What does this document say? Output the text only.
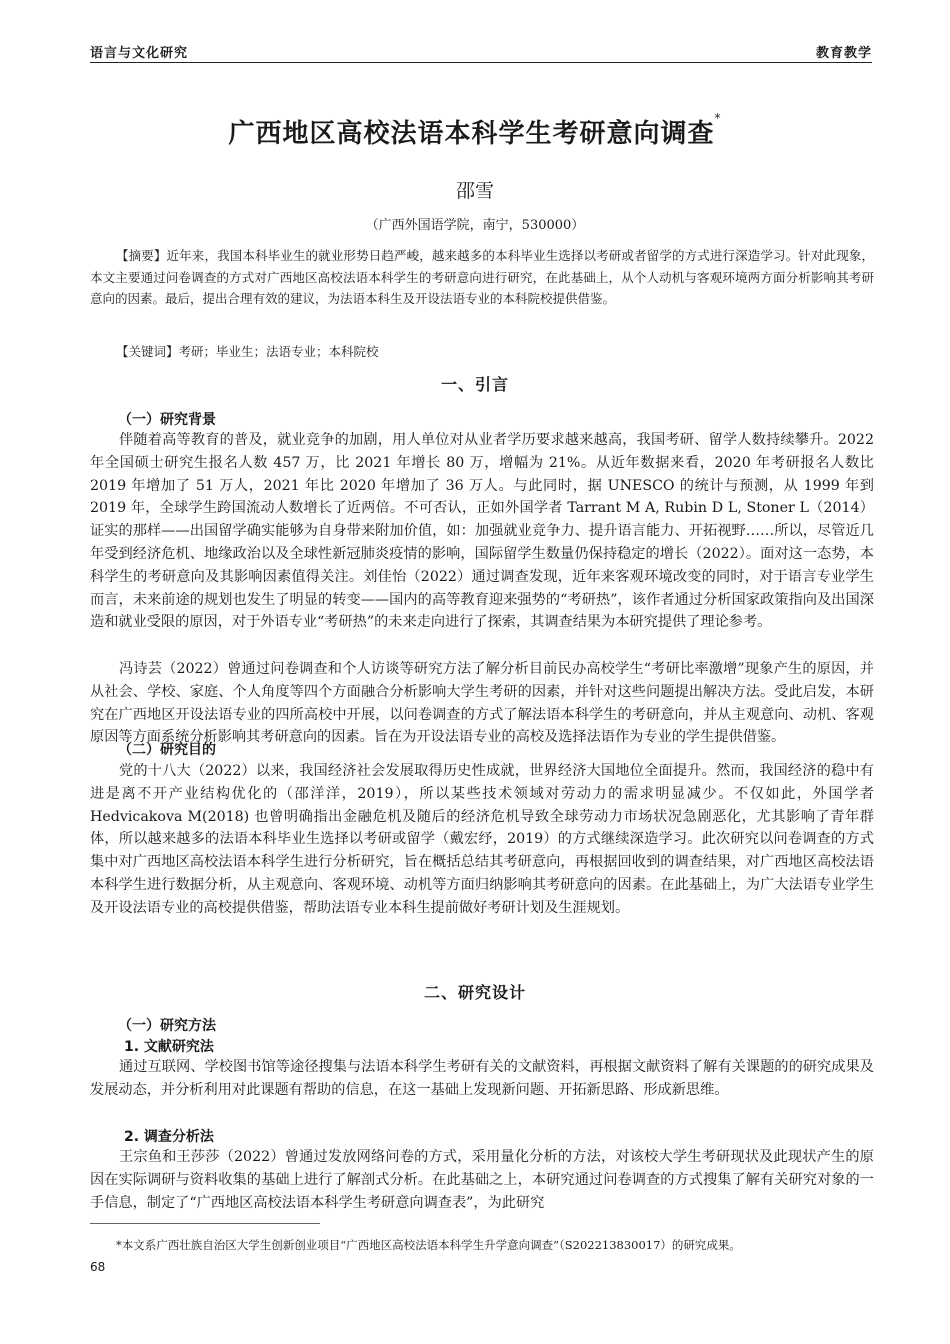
语言与文化研究	教育教学
广西地区高校法语本科学生考研意向调查*
邵雪
（广西外国语学院，南宁，530000）
【摘要】近年来，我国本科毕业生的就业形势日趋严峻，越来越多的本科毕业生选择以考研或者留学的方式进行深造学习。针对此现象，本文主要通过问卷调查的方式对广西地区高校法语本科学生的考研意向进行研究，在此基础上，从个人动机与客观环境两方面分析影响其考研意向的因素。最后，提出合理有效的建议，为法语本科生及开设法语专业的本科院校提供借鉴。
【关键词】考研；毕业生；法语专业；本科院校
一、引言
（一）研究背景

伴随着高等教育的普及，就业竞争的加剧，用人单位对从业者学历要求越来越高，我国考研、留学人数持续攀升。2022 年全国硕士研究生报名人数 457 万，比 2021 年增长 80 万，增幅为 21%。从近年数据来看，2020 年考研报名人数比 2019 年增加了 51 万人，2021 年比 2020 年增加了 36 万人。与此同时，据 UNESCO 的统计与预测，从 1999 年到 2019 年，全球学生跨国流动人数增长了近两倍。不可否认，正如外国学者 Tarrant M A, Rubin D L, Stoner L（2014）证实的那样——出国留学确实能够为自身带来附加价值，如：加强就业竞争力、提升语言能力、开拓视野……所以，尽管近几年受到经济危机、地缘政治以及全球性新冠肺炎疫情的影响，国际留学生数量仍保持稳定的增长（2022）。面对这一态势，本科学生的考研意向及其影响因素值得关注。刘佳怡（2022）通过调查发现，近年来客观环境改变的同时，对于语言专业学生而言，未来前途的规划也发生了明显的转变——国内的高等教育迎来强势的“考研热”，该作者通过分析国家政策指向及出国深造和就业受限的原因，对于外语专业“考研热”的未来走向进行了探索，其调查结果为本研究提供了理论参考。

冯诗芸（2022）曾通过问卷调查和个人访谈等研究方法了解分析目前民办高校学生“考研比率激增”现象产生的原因，并从社会、学校、家庭、个人角度等四个方面融合分析影响大学生考研的因素，并针对这些问题提出解决方法。受此启发，本研究在广西地区开设法语专业的四所高校中开展，以问卷调查的方式了解法语本科学生的考研意向，并从主观意向、动机、客观原因等方面系统分析影响其考研意向的因素。旨在为开设法语专业的高校及选择法语作为专业的学生提供借鉴。

（二）研究目的

党的十八大（2022）以来，我国经济社会发展取得历史性成就，世界经济大国地位全面提升。然而，我国经济的稳中有进是离不开产业结构优化的（邵洋洋，2019），所以某些技术领域对劳动力的需求明显减少。不仅如此，外国学者 Hedvicakova M(2018) 也曾明确指出金融危机及随后的经济危机导致全球劳动力市场状况急剧恶化，尤其影响了青年群体，所以越来越多的法语本科毕业生选择以考研或留学（戴宏纾，2019）的方式继续深造学习。此次研究以问卷调查的方式集中对广西地区高校法语本科学生进行分析研究，旨在概括总结其考研意向，再根据回收到的调查结果，对广西地区高校法语本科学生进行数据分析，从主观意向、客观环境、动机等方面归纳影响其考研意向的因素。在此基础上，为广大法语专业学生及开设法语专业的高校提供借鉴，帮助法语专业本科生提前做好考研计划及生涯规划。

二、研究设计
（一）研究方法
1. 文献研究法

通过互联网、学校图书馆等途径搜集与法语本科学生考研有关的文献资料，再根据文献资料了解有关课题的的研究成果及发展动态，并分析利用对此课题有帮助的信息，在这一基础上发现新问题、开拓新思路、形成新思维。

2. 调查分析法

王宗鱼和王莎莎（2022）曾通过发放网络问卷的方式，采用量化分析的方法，对该校大学生考研现状及此现状产生的原因在实际调研与资料收集的基础上进行了解剖式分析。在此基础之上，本研究通过问卷调查的方式搜集了解有关研究对象的一手信息，制定了“广西地区高校法语本科学生考研意向调查表”，为此研究

*本文系广西壮族自治区大学生创新创业项目“广西地区高校法语本科学生升学意向调查”（S202213830017）的研究成果。
68
